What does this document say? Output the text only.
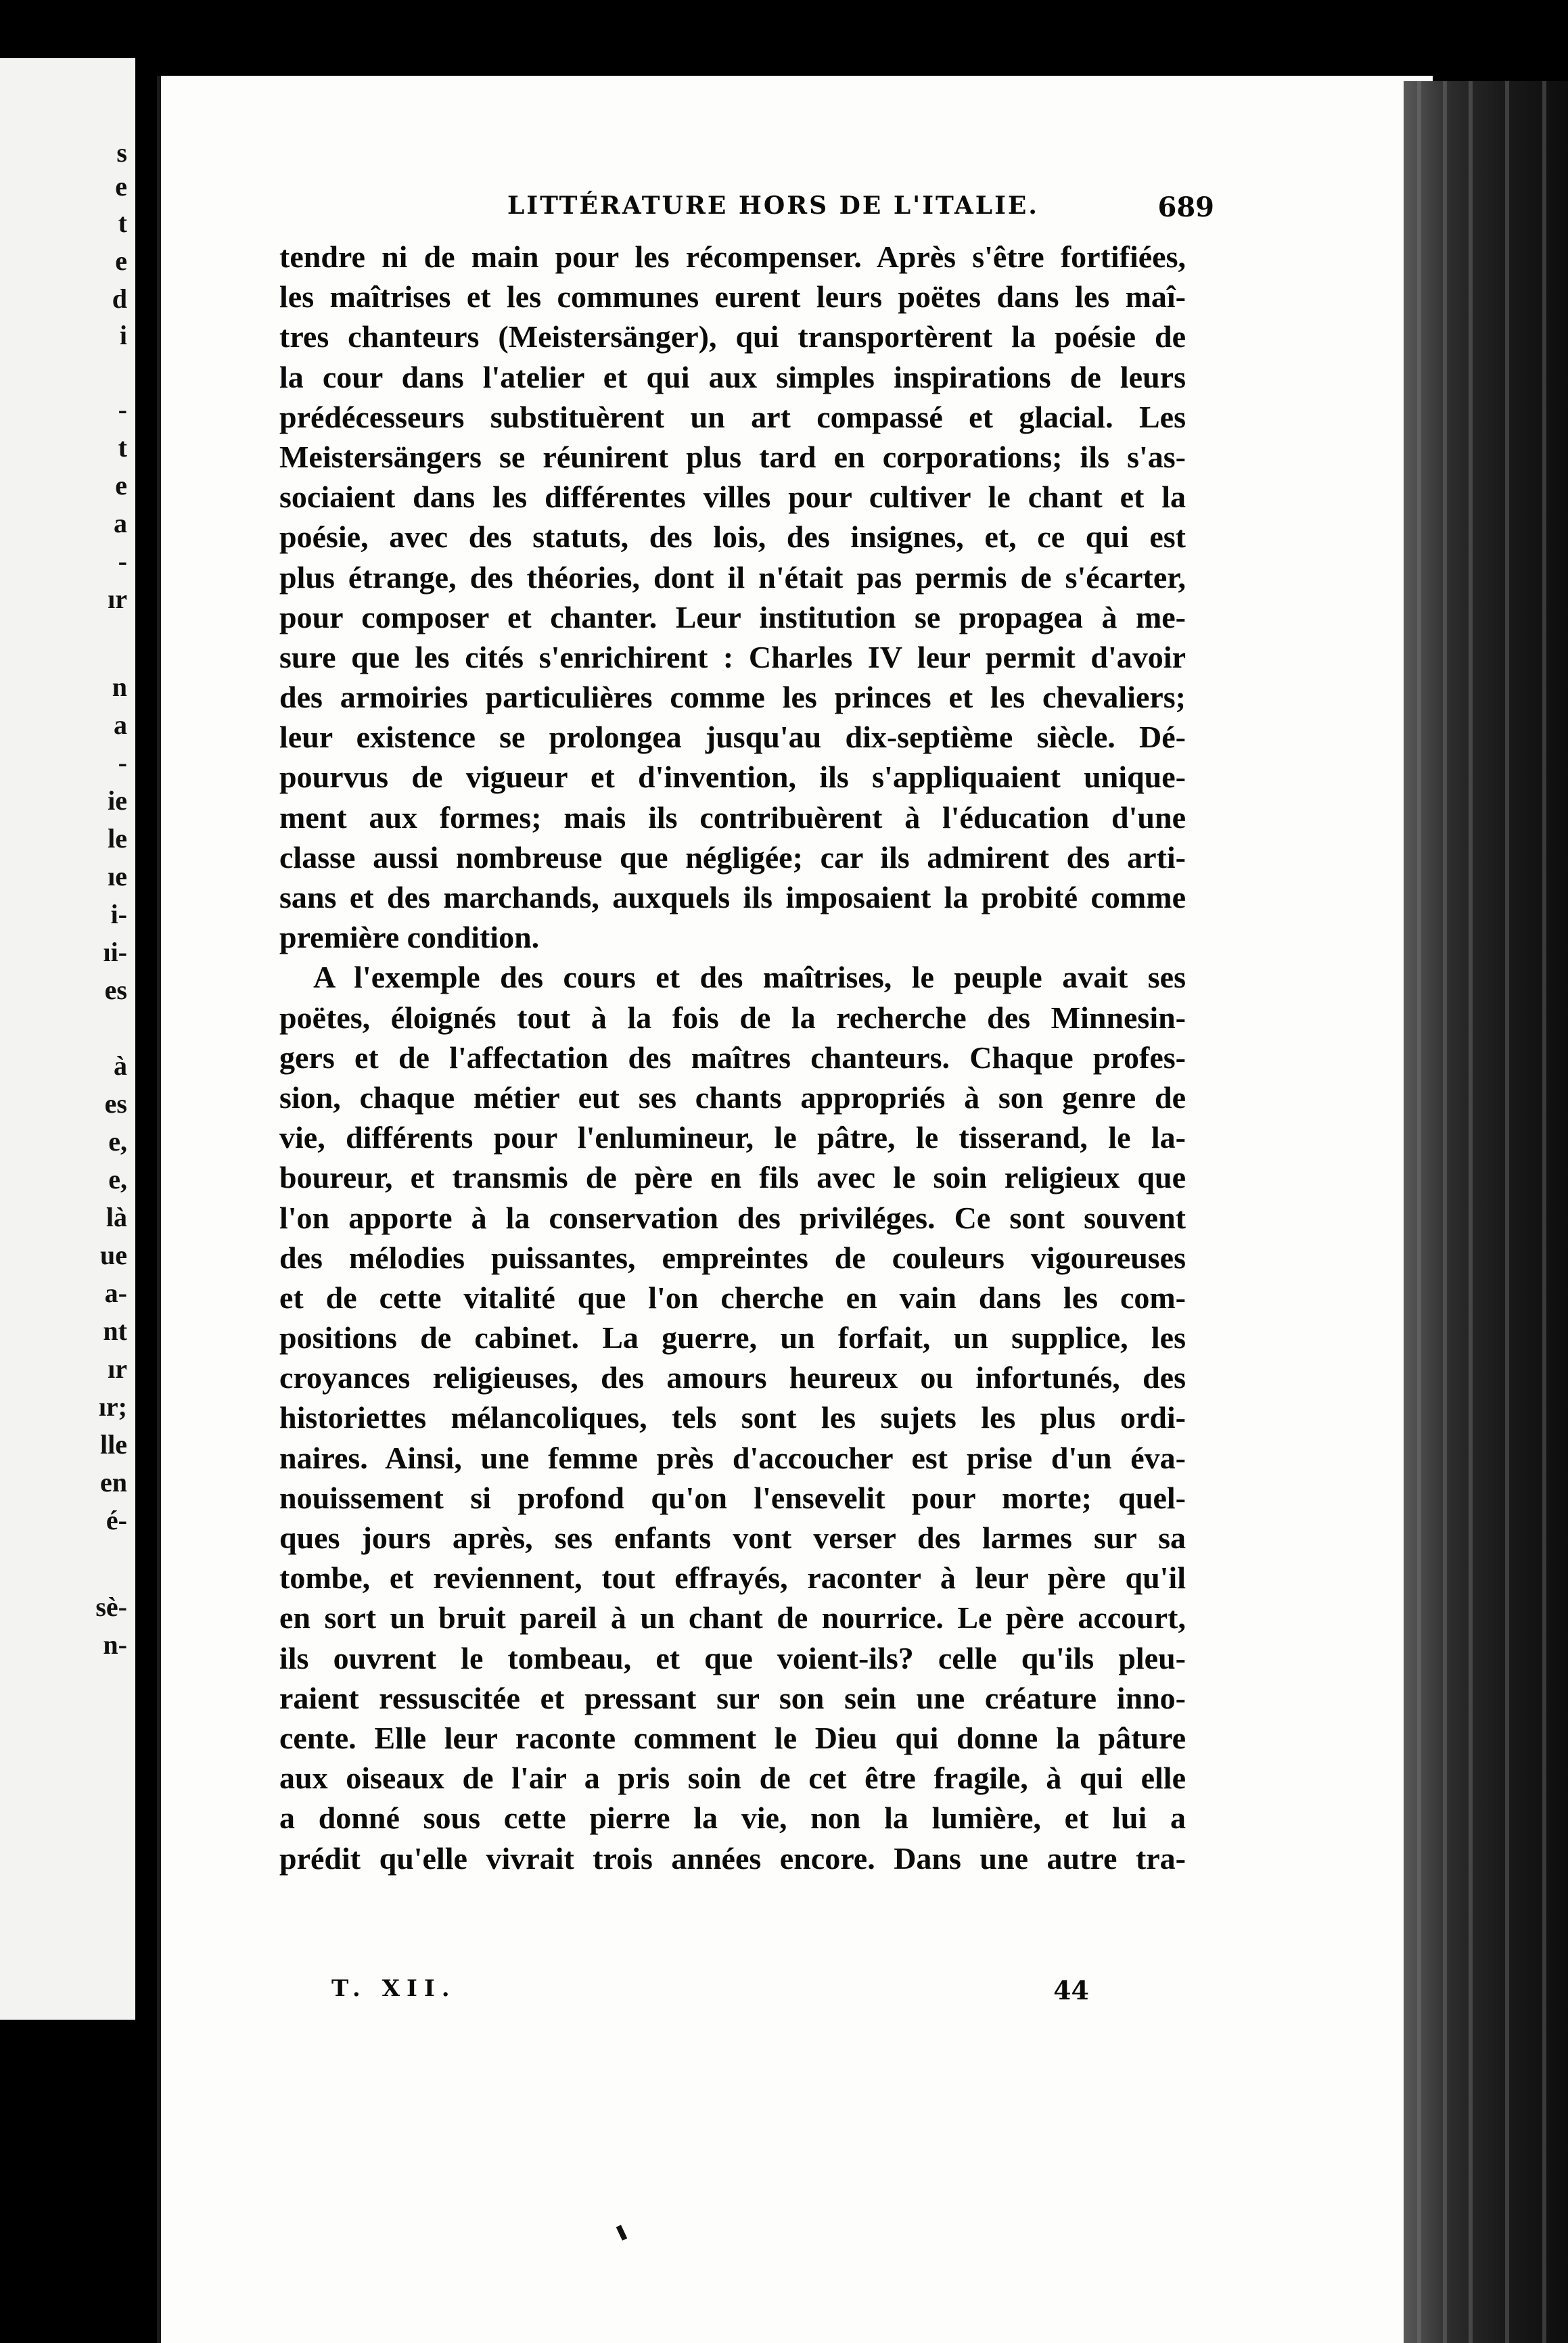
s
e
t
e
d
i
-
t
e
a
-
ır
n
a
-
ie
le
ıe
i-
ıi-
es
à
es
e,
e,
là
ue
a-
nt
ır
ır;
lle
en
é-
sè-
n-
LITTÉRATURE HORS DE L'ITALIE.	689
tendre ni de main pour les récompenser. Après s'être fortifiées,
les maîtrises et les communes eurent leurs poëtes dans les maî-
tres chanteurs (Meistersänger), qui transportèrent la poésie de
la cour dans l'atelier et qui aux simples inspirations de leurs
prédécesseurs substituèrent un art compassé et glacial. Les
Meistersängers se réunirent plus tard en corporations; ils s'as-
sociaient dans les différentes villes pour cultiver le chant et la
poésie, avec des statuts, des lois, des insignes, et, ce qui est
plus étrange, des théories, dont il n'était pas permis de s'écarter,
pour composer et chanter. Leur institution se propagea à me-
sure que les cités s'enrichirent : Charles IV leur permit d'avoir
des armoiries particulières comme les princes et les chevaliers;
leur existence se prolongea jusqu'au dix-septième siècle. Dé-
pourvus de vigueur et d'invention, ils s'appliquaient unique-
ment aux formes; mais ils contribuèrent à l'éducation d'une
classe aussi nombreuse que négligée; car ils admirent des arti-
sans et des marchands, auxquels ils imposaient la probité comme
première condition.
A l'exemple des cours et des maîtrises, le peuple avait ses
poëtes, éloignés tout à la fois de la recherche des Minnesin-
gers et de l'affectation des maîtres chanteurs. Chaque profes-
sion, chaque métier eut ses chants appropriés à son genre de
vie, différents pour l'enlumineur, le pâtre, le tisserand, le la-
boureur, et transmis de père en fils avec le soin religieux que
l'on apporte à la conservation des priviléges. Ce sont souvent
des mélodies puissantes, empreintes de couleurs vigoureuses
et de cette vitalité que l'on cherche en vain dans les com-
positions de cabinet. La guerre, un forfait, un supplice, les
croyances religieuses, des amours heureux ou infortunés, des
historiettes mélancoliques, tels sont les sujets les plus ordi-
naires. Ainsi, une femme près d'accoucher est prise d'un éva-
nouissement si profond qu'on l'ensevelit pour morte; quel-
ques jours après, ses enfants vont verser des larmes sur sa
tombe, et reviennent, tout effrayés, raconter à leur père qu'il
en sort un bruit pareil à un chant de nourrice. Le père accourt,
ils ouvrent le tombeau, et que voient-ils? celle qu'ils pleu-
raient ressuscitée et pressant sur son sein une créature inno-
cente. Elle leur raconte comment le Dieu qui donne la pâture
aux oiseaux de l'air a pris soin de cet être fragile, à qui elle
a donné sous cette pierre la vie, non la lumière, et lui a
prédit qu'elle vivrait trois années encore. Dans une autre tra-
T. XII.	44
